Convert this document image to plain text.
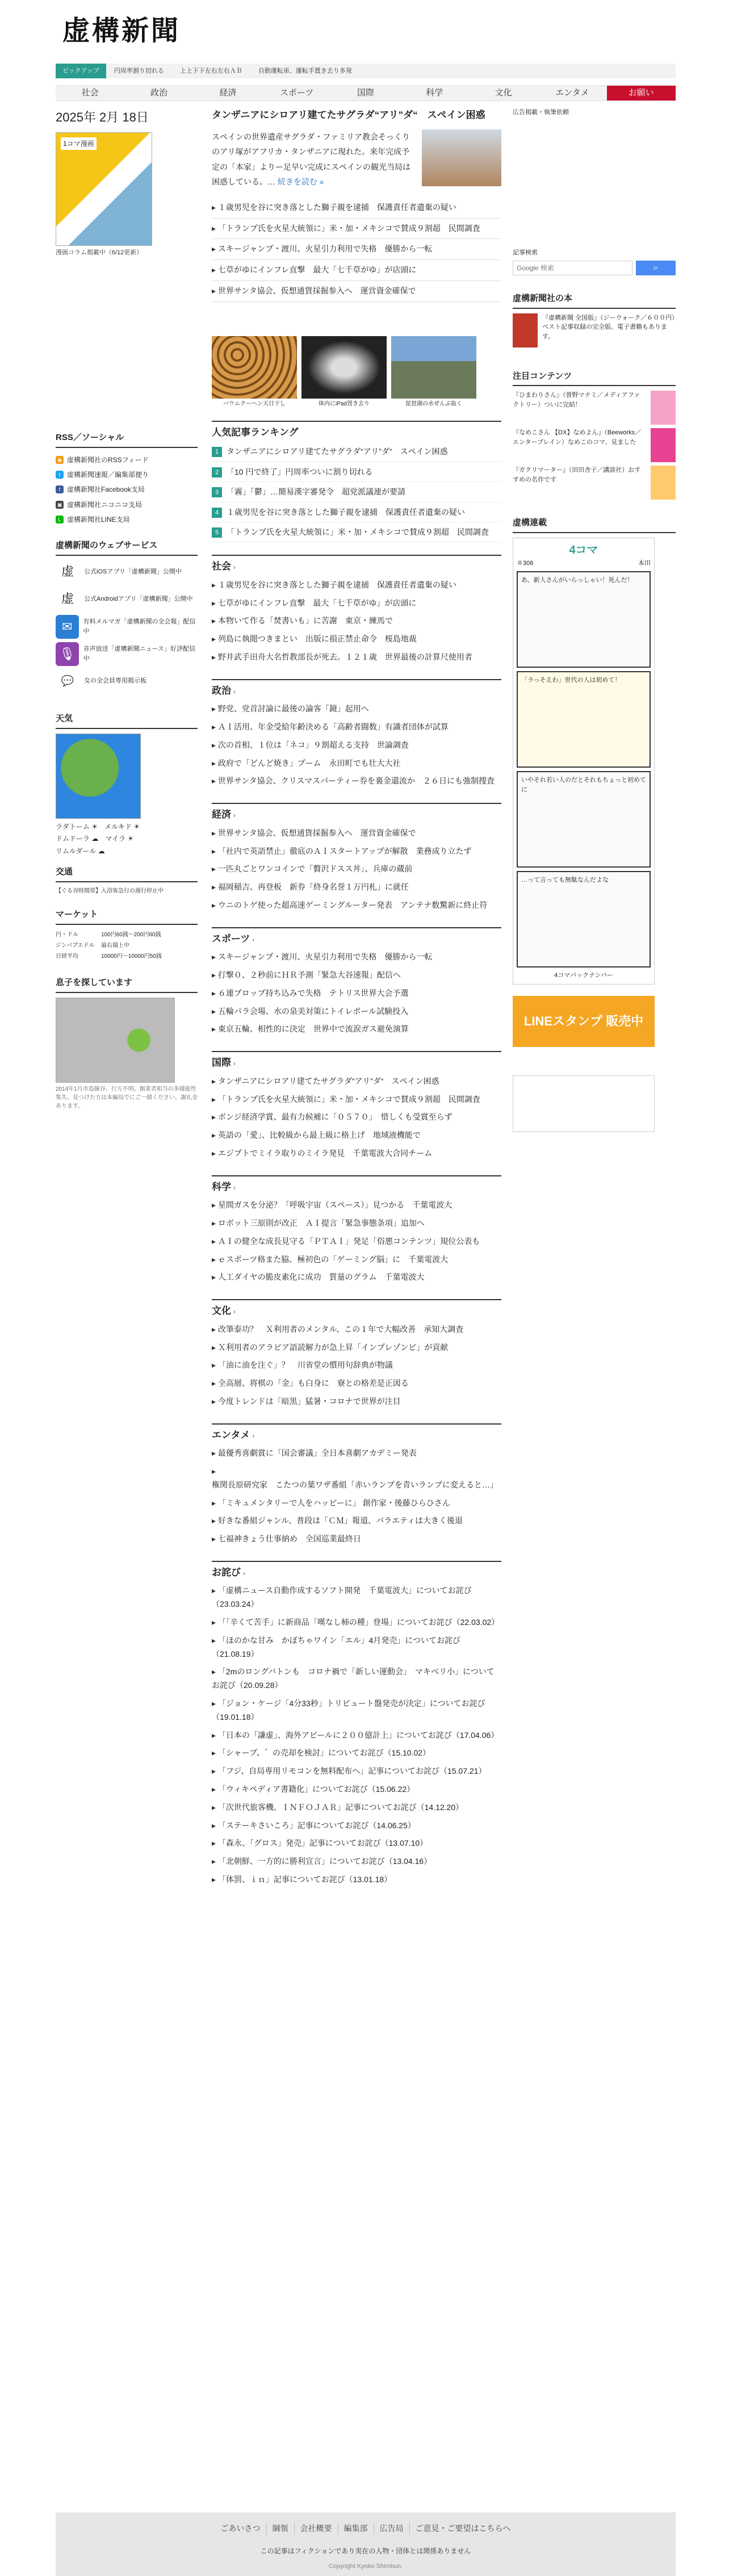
虚構新聞
ピックアップ	円周率割り切れる	上上下下左右左右ＡＢ	自動運転車、運転手置き去り多発
社会	政治	経済	スポーツ	国際	科学	文化	エンタメ	お願い
2025年 2月 18日
1コマ漫画
漫画コラム掲載中（6/12更新）
RSS／ソーシャル
◉ 虚構新聞社のRSSフィード
t 虚構新聞速報／編集部便り
f 虚構新聞社Facebook支局
▣ 虚構新聞社ニコニコ支局
L 虚構新聞社LINE支局
虚構新聞のウェブサービス
虚	公式iOSアプリ「虚構新聞」公開中
虚	公式Androidアプリ「虚構新聞」公開中
✉	有料メルマガ「虚構新聞の全会報」配信中
🎙	音声放送「虚構新聞ニュース」好評配信中
💬	女の全会員専用掲示板
天気
ラダトーム ☀　 メルキド ☀
ドムドーラ ☁　 マイラ ☀
リムルダール ☁
交通
【ぐる谷時間帯】入浴客急行の遅行停止中
マーケット
円・ドル	100円60銭〜200円60銭
ジンバブエドル 最右端上中
日経平均	10000円〜10000円50銭
息子を探しています
2014年1月市島線谷、行方不明。創業者相当の多様能性集失、見つけた方は本編局でにご一緒ください。謝礼金あります。
タンザニアにシロアリ建てたサグラダ“アリ”ダ“　スペイン困惑

スペインの世界遺産サグラダ・ファミリア教会そっくりのアリ塚がアフリカ・タンザニアに現れた。来年完成予定の「本家」よりー足早い完成にスペインの観光当局は困惑している。… 続きを読む »

▸ １歳男児を谷に突き落とした獅子親を逮捕　保護責任者遺棄の疑い
▸ 「トランプ氏を火星大統領に」米・加・メキシコで賛成９割超　民間調査
▸ スキージャンプ・渡川、火星引力利用で失格　優勝から一転
▸ 七草がゆにインフレ直撃　最大「七千草がゆ」が店頭に
▸ 世界サンタ協会、仮想通貨採掘参入へ　運営資金確保で
バウムクーヘン天日干し	体内にiPad置き去り	琵琶湖の水ぜんぶ抜く
人気記事ランキング
1 タンザニアにシロアリ建てたサグラダ“アリ”ダ“　スペイン困惑
2 「10 円で終了」円周率ついに割り切れる
3 「霧」「鬱」…簡易漢字審発令　超党派議連が要請
4 １歳男児を谷に突き落とした獅子親を逮捕　保護責任者遺棄の疑い
5 「トランプ氏を火星大統領に」米・加・メキシコで賛成９割超　民間調査
社会 ›
▸ １歳男児を谷に突き落とした獅子親を逮捕　保護責任者遺棄の疑い
▸ 七草がゆにインフレ直撃　最大「七千草がゆ」が店頭に
▸ 本物いて作る「焚書いも」に苦謝　東京・練馬で
▸ 列島に執閲つきまとい　出版に損正禁止命令　桜島地裁
▸ 野井武手田舟大名哲教部長が死去。１２１歳　世界最後の計算尺使用者
政治 ›
▸ 野党、党首討論に最後の論客「鏡」起用へ
▸ ＡＩ活用、年金受給年齢決める「高齢者闘数」有識者団体が試算
▸ 次の首相、１位は「ネコ」９割超える支持　世論調査
▸ 政府で「どんど焼き」プーム　永田町でも壮大大社
▸ 世界サンタ協会、クリスマスパーティー券を裏金還流か　２６日にも強制捜査
経済 ›
▸ 世界サンタ協会、仮想通貨採掘参入へ　運営資金確保で
▸ 「社内で英語禁止」徹底のＡＩスタートアップが解散　業務成り立たず
▸ 一匹丸ごとワンコインで「贅沢ドスス丼」、兵庫の蔵前
▸ 福岡稲吉、再登板　新券「終身名誉１万円札」に就任
▸ ウニのトゲ使った超高速ゲーミングルーター発表　アンテナ数驚新に終止符
スポーツ ›
▸ スキージャンプ・渡川、火星引力利用で失格　優勝から一転
▸ 打撃０、２秒前にＨＲ予測「緊急大谷速報」配信へ
▸ ６連プロップ持ち込みで失格　テトリス世界大会予選
▸ 五輪パラ会場、水の泉美対策にトイレボール試験投入
▸ 東京五輪、相性的に決定　世界中で流涙ガス避免演算
国際 ›
▸ タンザニアにシロアリ建てたサグラダ“アリ”ダ“　スペイン困惑
▸ 「トランプ氏を火星大統領に」米・加・メキシコで賛成９割超　民間調査
▸ ボンジ経済学賞、最有力候補に「０５７０」　惜しくも受賞至らず
▸ 英語の「愛」、比較級から最上級に格上げ　地域液機能で
▸ エジプトでミイラ取りのミイラ発見　千葉電波大合同チーム
科学 ›
▸ 星間ガスを分泌？「呼吸宇宙（スペース）」見つかる　千葉電波大
▸ ロボット三原則が改正　ＡＩ提言「緊急事態条項」追加へ
▸ ＡＩの健全な成長見守る「ＰＴＡＩ」発足「俗悪コンテンツ」規位公表も
▸ ｅスポーツ格また脇、極初色の「ゲーミング脳」に　千葉電波大
▸ 人工ダイヤの脆皮素化に成功　質量のグラム　千葉電波大
文化 ›
▸ 改筆泰功？　Ｘ利用者のメンタル、この１年で大幅改善　承知大調査
▸ Ｘ利用者のアラビア語読解力が急上昇「インプレゾンビ」が貢献
▸ 「油に油を注ぐ」？　川省堂の慣用句辞典が物議
▸ 全高層、将棋の「金」も白身に　寮との格差是正図る
▸ 今度トレンドは「暗黒」猛暑・コロナで世界が注目
エンタメ ›
▸ 最優秀喜劇賞に「国会審議」全日本喜劇アカデミー発表
▸ 権関長原研究家　こたつの葉ワザ番組「赤いランプを青いランプに変えると…」
▸ 「ミキュメンタリーで人をハッピーに」 創作家・後藤ひらひさん
▸ 好きな番組ジャンル、普段は「ＣＭ」報道、バラエティは大きく後退
▸ 七福神きょう仕事納め　全国巡業最終日
お詫び ›
▸ 「虚構ニュース自動作成するソフト開発　千葉電波大」についてお詫び（23.03.24）
▸ 「「辛くて苦手」に新商品「嘆なし柿の種」登場」についてお詫び（22.03.02）
▸ 「ほのかな甘み　かぼちゃワイン「エル」4月発売」についてお詫び（21.08.19）
▸ 「2mのロングバトンも　コロナ禍で「新しい運動会」　マキベリ小」についてお詫び（20.09.28）
▸ 「ジョン・ケージ「4分33秒」トリビュート盤発売が決定」についてお詫び（19.01.18）
▸ 「日本の「謙虚」、海外アピールに２００億計上」についてお詫び（17.04.06）
▸ 「シャープ、゛の売却を検討」についてお詫び（15.10.02）
▸ 「フジ、自局専用リモコンを無料配布へ」記事についてお詫び（15.07.21）
▸ 「ウィキペディア書籍化」についてお詫び（15.06.22）
▸ 「次世代旅客機、ＩＮＦＯＪＡＲ」記事についてお詫び（14.12.20）
▸ 「ステーキさいころ」記事についてお詫び（14.06.25）
▸ 「森永、「グロス」発売」記事についてお詫び（13.07.10）
▸ 「北朝鮮、一方的に勝利宣言」についてお詫び（13.04.16）
▸ 「体罰、ｉｎ」記事についてお詫び（13.01.18）
広告掲載・執筆依頼
記事検索
Google 検索
⌕
虚構新聞社の本
『虚構新聞 全国版』（ジーウォーク／６００円）ベスト記事収録の完全版。電子書籍もあります。
注目コンテンツ
『ひまわりさん』（曽野マナミ／メディアファクトリー）ついに完結！
『なめこさん 【DX】なめよん』（Beeworks／エンターブレイン）なめこのコマ、見ました
『ガクリマーター』（田田舎子／講談社）おすすめの名作です
虚構連載
4コマ
＃306	本田
あ、新人さんがいらっしゃい！死んだ！
「ラっそえわ」世代の人は初めて！
いやそれ若い人のだとそれもちょっと初めてに
…って言っても無駄なんだよな
4コマバックナンバー
LINEスタンプ 販売中
ごあいさつ	綱領	会社概要	編集部	広告局	ご意見・ご要望はこちらへ
この記事はフィクションであり実在の人物・団体とは関係ありません
Copyright Kyoko Shimbun.
